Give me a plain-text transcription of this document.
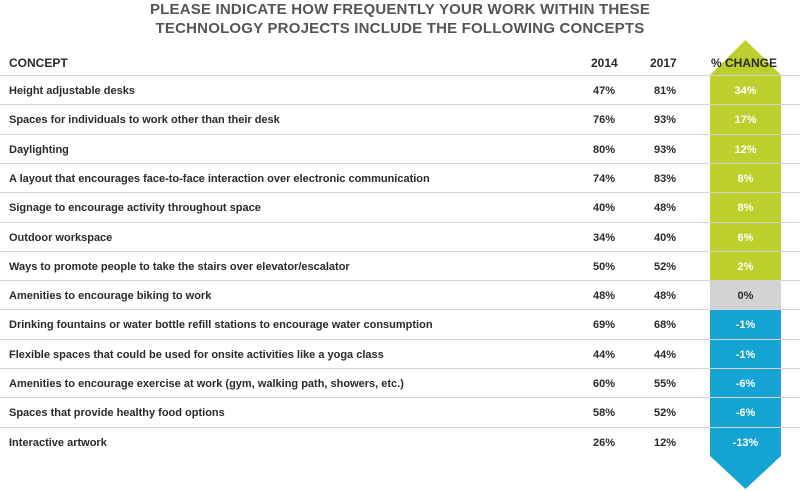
PLEASE INDICATE HOW FREQUENTLY YOUR WORK WITHIN THESE
TECHNOLOGY PROJECTS INCLUDE THE FOLLOWING CONCEPTS
CONCEPT	2014	2017	% CHANGE
Height adjustable desks	47%	81%	34%
Spaces for individuals to work other than their desk	76%	93%	17%
Daylighting	80%	93%	12%
A layout that encourages face-to-face interaction over electronic communication	74%	83%	8%
Signage to encourage activity throughout space	40%	48%	8%
Outdoor workspace	34%	40%	6%
Ways to promote people to take the stairs over elevator/escalator	50%	52%	2%
Amenities to encourage biking to work	48%	48%	0%
Drinking fountains or water bottle refill stations to encourage water consumption	69%	68%	-1%
Flexible spaces that could be used for onsite activities like a yoga class	44%	44%	-1%
Amenities to encourage exercise at work (gym, walking path, showers, etc.)	60%	55%	-6%
Spaces that provide healthy food options	58%	52%	-6%
Interactive artwork	26%	12%	-13%
